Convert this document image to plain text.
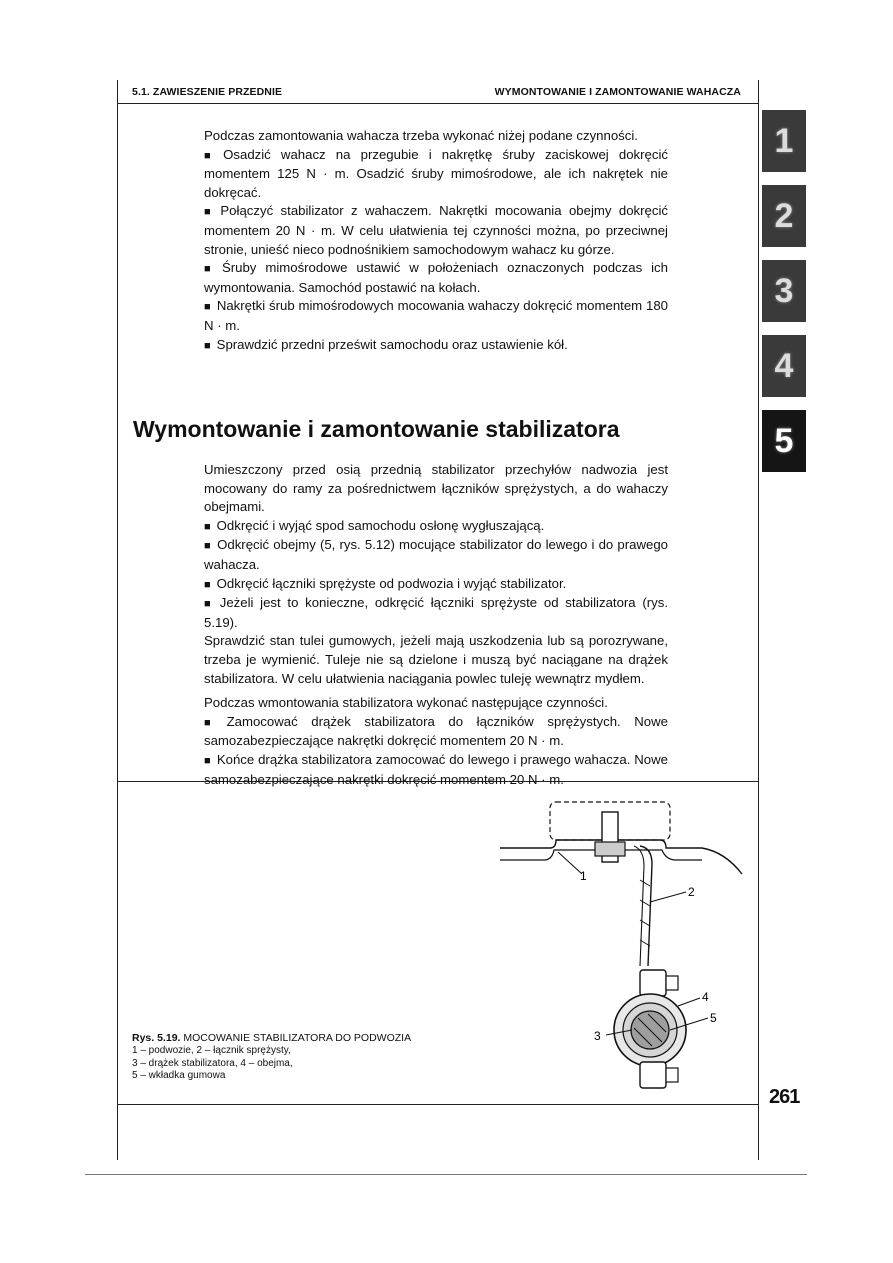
5.1. ZAWIESZENIE PRZEDNIE	WYMONTOWANIE I ZAMONTOWANIE WAHACZA

Podczas zamontowania wahacza trzeba wykonać niżej podane czynności.

■ Osadzić wahacz na przegubie i nakrętkę śruby zaciskowej dokręcić momentem 125 N · m. Osadzić śruby mimośrodowe, ale ich nakrętek nie dokręcać.

■ Połączyć stabilizator z wahaczem. Nakrętki mocowania obejmy dokręcić momentem 20 N · m. W celu ułatwienia tej czynności można, po przeciwnej stronie, unieść nieco podnośnikiem samochodowym wahacz ku górze.

■ Śruby mimośrodowe ustawić w położeniach oznaczonych podczas ich wymontowania. Samochód postawić na kołach.

■ Nakrętki śrub mimośrodowych mocowania wahaczy dokręcić momentem 180 N · m.

■ Sprawdzić przedni prześwit samochodu oraz ustawienie kół.

Wymontowanie i zamontowanie stabilizatora

Umieszczony przed osią przednią stabilizator przechyłów nadwozia jest mocowany do ramy za pośrednictwem łączników sprężystych, a do wahaczy obejmami.

■ Odkręcić i wyjąć spod samochodu osłonę wygłuszającą.

■ Odkręcić obejmy (5, rys. 5.12) mocujące stabilizator do lewego i do prawego wahacza.

■ Odkręcić łączniki sprężyste od podwozia i wyjąć stabilizator.

■ Jeżeli jest to konieczne, odkręcić łączniki sprężyste od stabilizatora (rys. 5.19).

Sprawdzić stan tulei gumowych, jeżeli mają uszkodzenia lub są porozrywane, trzeba je wymienić. Tuleje nie są dzielone i muszą być naciągane na drążek stabilizatora. W celu ułatwienia naciągania powlec tuleję wewnątrz mydłem.

Podczas wmontowania stabilizatora wykonać następujące czynności.

■ Zamocować drążek stabilizatora do łączników sprężystych. Nowe samozabezpieczające nakrętki dokręcić momentem 20 N · m.

■ Końce drążka stabilizatora zamocować do lewego i prawego wahacza. Nowe samozabezpieczające nakrętki dokręcić momentem 20 N · m.

1
2
3
4
5
1
2
4
5
3
Rys. 5.19. MOCOWANIE STABILIZATORA DO PODWOZIA
1 – podwozie, 2 – łącznik sprężysty,
3 – drążek stabilizatora, 4 – obejma,
5 – wkładka gumowa
261
